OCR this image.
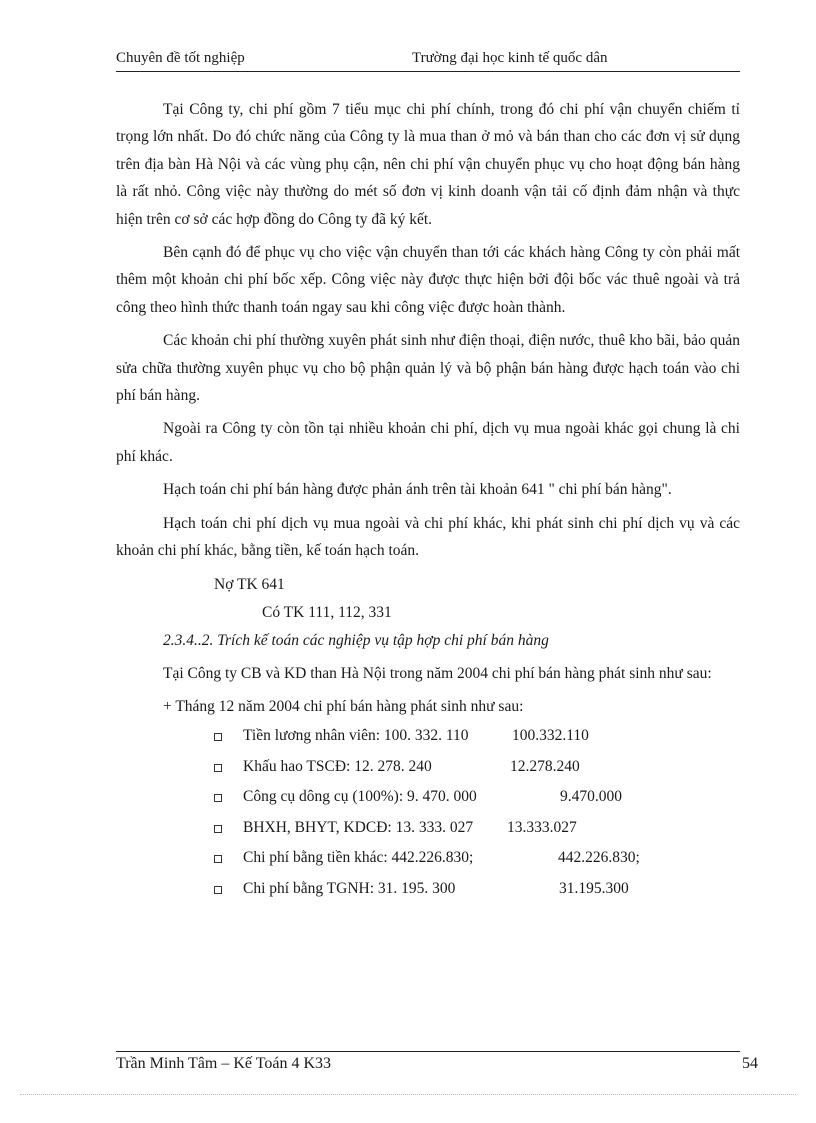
Chuyên đề tốt nghiệp	Trường đại học kinh tế quốc dân

Tại Công ty, chi phí gồm 7 tiểu mục chi phí chính, trong đó chi phí vận chuyển chiếm tỉ trọng lớn nhất. Do đó chức năng của Công ty là mua than ở mỏ và bán than cho các đơn vị sử dụng trên địa bàn Hà Nội và các vùng phụ cận, nên chi phí vận chuyển phục vụ cho hoạt động bán hàng là rất nhỏ. Công việc này thường do mét số đơn vị kinh doanh vận tải cố định đảm nhận và thực hiện trên cơ sở các hợp đồng do Công ty đã ký kết.

Bên cạnh đó để phục vụ cho việc vận chuyển than tới các khách hàng Công ty còn phải mất thêm một khoản chi phí bốc xếp. Công việc này được thực hiện bởi đội bốc vác thuê ngoài và trả công theo hình thức thanh toán ngay sau khi công việc được hoàn thành.

Các khoản chi phí thường xuyên phát sinh như điện thoại, điện nước, thuê kho bãi, bảo quản sửa chữa thường xuyên phục vụ cho bộ phận quản lý và bộ phận bán hàng được hạch toán vào chi phí bán hàng.

Ngoài ra Công ty còn tồn tại nhiều khoản chi phí, dịch vụ mua ngoài khác gọi chung là chi phí khác.

Hạch toán chi phí bán hàng được phản ánh trên tài khoản 641 " chi phí bán hàng".

Hạch toán chi phí dịch vụ mua ngoài và chi phí khác, khi phát sinh chi phí dịch vụ và các khoản chi phí khác, bằng tiền, kế toán hạch toán.

Nợ TK 641

Có TK 111, 112, 331

2.3.4..2. Trích kế toán các nghiệp vụ tập hợp chi phí bán hàng

Tại Công ty CB và KD than Hà Nội trong năm 2004 chi phí bán hàng phát sinh như sau:

+ Tháng 12 năm 2004 chi phí bán hàng phát sinh như sau:

Tiền lương nhân viên: 100. 332. 110	100.332.110
Khấu hao TSCĐ: 12. 278. 240	12.278.240
Công cụ dông cụ (100%): 9. 470. 000	9.470.000
BHXH, BHYT, KDCĐ: 13. 333. 027 13.333.027
Chi phí bằng tiền khác: 442.226.830;	442.226.830;
Chi phí bằng TGNH: 31. 195. 300	31.195.300
Trần Minh Tâm – Kế Toán 4 K33	54
